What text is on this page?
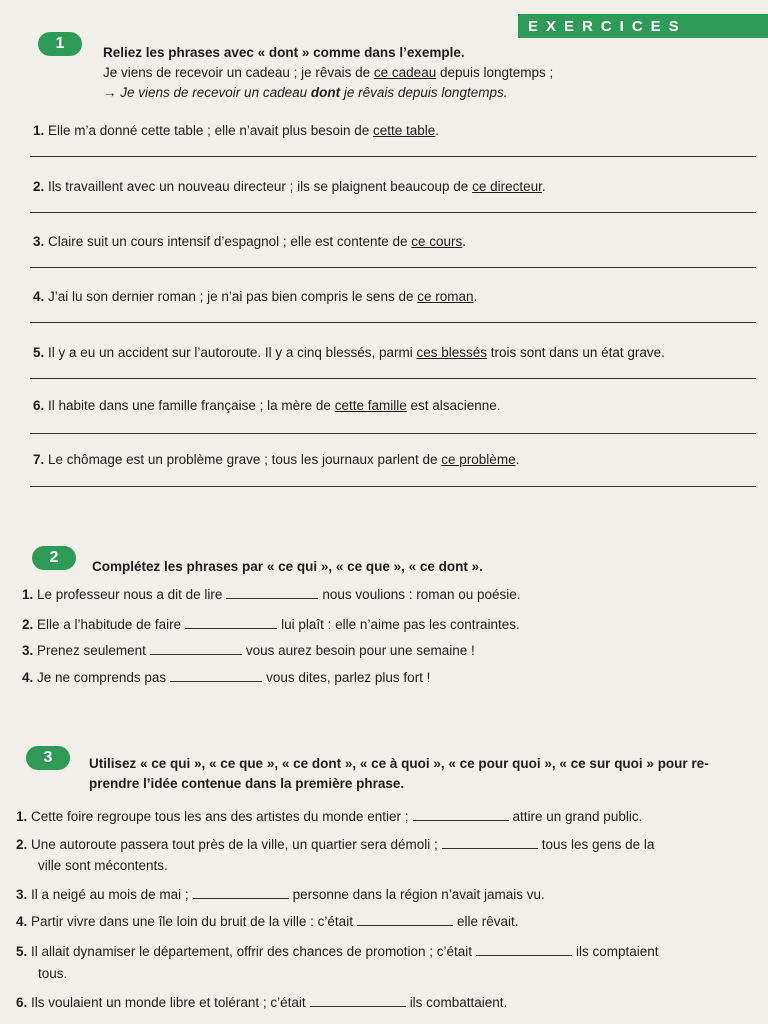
EXERCICES
1
Reliez les phrases avec « dont » comme dans l’exemple.
Je viens de recevoir un cadeau ; je rêvais de ce cadeau depuis longtemps ;
→ Je viens de recevoir un cadeau dont je rêvais depuis longtemps.
1. Elle m’a donné cette table ; elle n’avait plus besoin de cette table.
2. Ils travaillent avec un nouveau directeur ; ils se plaignent beaucoup de ce directeur.
3. Claire suit un cours intensif d’espagnol ; elle est contente de ce cours.
4. J’ai lu son dernier roman ; je n’ai pas bien compris le sens de ce roman.
5. Il y a eu un accident sur l’autoroute. Il y a cinq blessés, parmi ces blessés trois sont dans un état grave.
6. Il habite dans une famille française ; la mère de cette famille est alsacienne.
7. Le chômage est un problème grave ; tous les journaux parlent de ce problème.
2
Complétez les phrases par « ce qui », « ce que », « ce dont ».
1. Le professeur nous a dit de lire	nous voulions : roman ou poésie.
2. Elle a l’habitude de faire	lui plaît : elle n’aime pas les contraintes.
3. Prenez seulement	vous aurez besoin pour une semaine !
4. Je ne comprends pas	vous dites, parlez plus fort !
3	Utilisez « ce qui », « ce que », « ce dont », « ce à quoi », « ce pour quoi », « ce sur quoi » pour re-
prendre l’idée contenue dans la première phrase.
1. Cette foire regroupe tous les ans des artistes du monde entier ;	attire un grand public.
2. Une autoroute passera tout près de la ville, un quartier sera démoli ;	tous les gens de la
ville sont mécontents.
3. Il a neigé au mois de mai ;	personne dans la région n’avait jamais vu.
4. Partir vivre dans une île loin du bruit de la ville : c’était	elle rêvait.
5. Il allait dynamiser le département, offrir des chances de promotion ; c’était	ils comptaient
tous.
6. Ils voulaient un monde libre et tolérant ; c’était	ils combattaient.
